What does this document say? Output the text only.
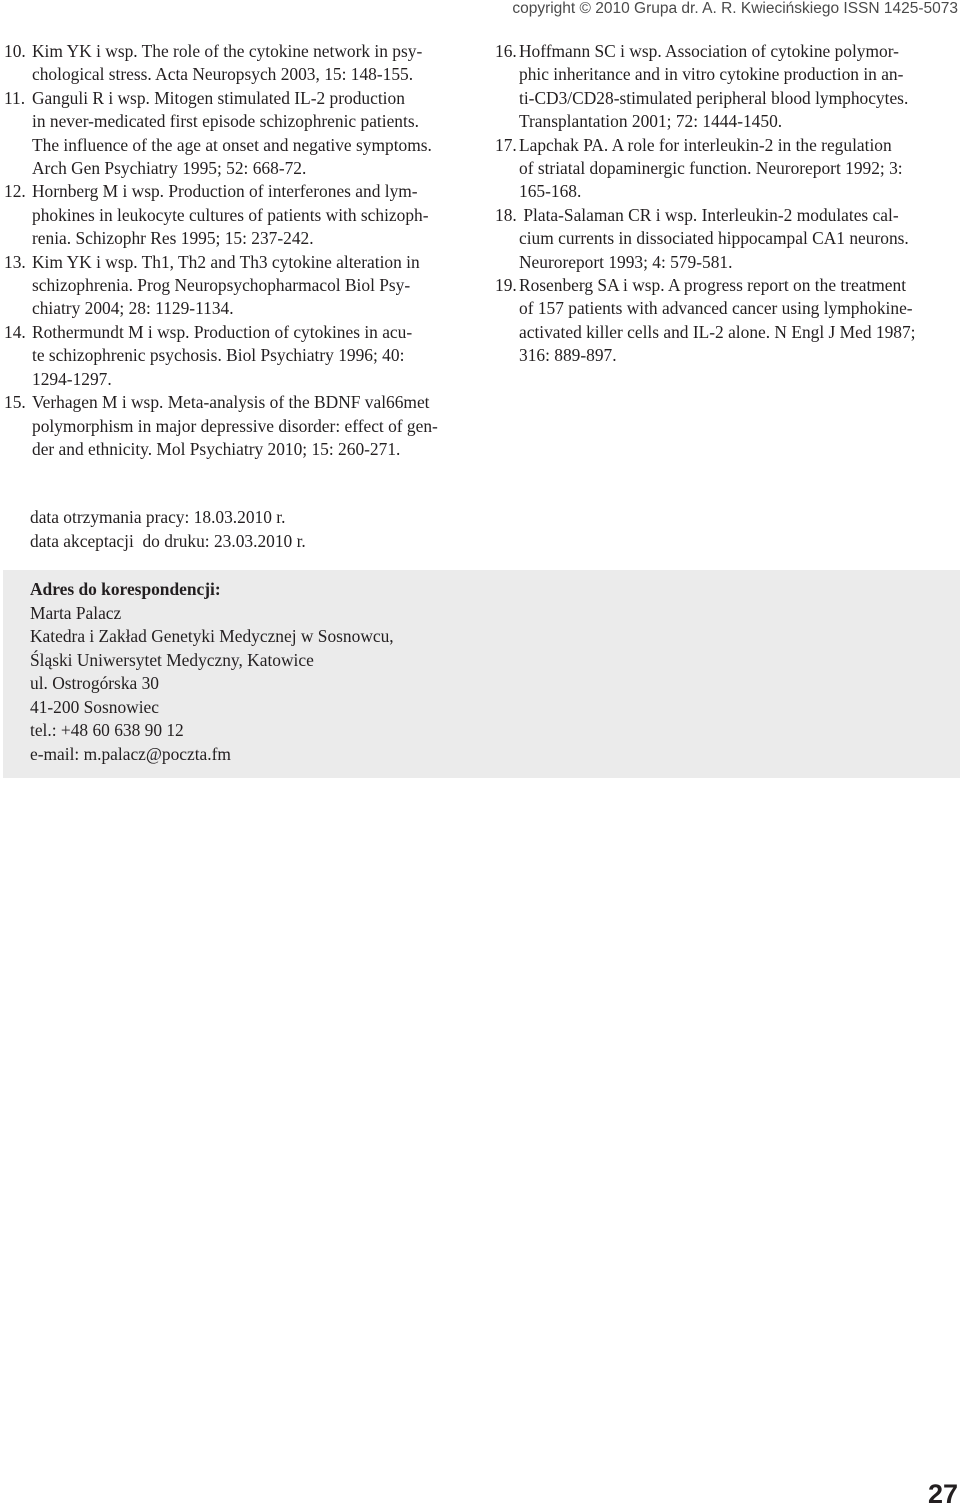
copyright © 2010 Grupa dr. A. R. Kwiecińskiego ISSN 1425-5073
10. Kim YK i wsp. The role of the cytokine network in psy-
chological stress. Acta Neuropsych 2003, 15: 148-155.
11. Ganguli R i wsp. Mitogen stimulated IL-2 production
in never-medicated first episode schizophrenic patients.
The influence of the age at onset and negative symptoms.
Arch Gen Psychiatry 1995; 52: 668-72.
12. Hornberg M i wsp. Production of interferones and lym-
phokines in leukocyte cultures of patients with schizoph-
renia. Schizophr Res 1995; 15: 237-242.
13. Kim YK i wsp. Th1, Th2 and Th3 cytokine alteration in
schizophrenia. Prog Neuropsychopharmacol Biol Psy-
chiatry 2004; 28: 1129-1134.
14. Rothermundt M i wsp. Production of cytokines in acu-
te schizophrenic psychosis. Biol Psychiatry 1996; 40:
1294-1297.
15. Verhagen M i wsp. Meta-analysis of the BDNF val66met
polymorphism in major depressive disorder: effect of gen-
der and ethnicity. Mol Psychiatry 2010; 15: 260-271.
16. Hoffmann SC i wsp. Association of cytokine polymor-
phic inheritance and in vitro cytokine production in an-
ti-CD3/CD28-stimulated peripheral blood lymphocytes.
Transplantation 2001; 72: 1444-1450.
17. Lapchak PA. A role for interleukin-2 in the regulation
of striatal dopaminergic function. Neuroreport 1992; 3:
165-168.
18. Plata-Salaman CR i wsp. Interleukin-2 modulates cal-
cium currents in dissociated hippocampal CA1 neurons.
Neuroreport 1993; 4: 579-581.
19. Rosenberg SA i wsp. A progress report on the treatment
of 157 patients with advanced cancer using lymphokine-
activated killer cells and IL-2 alone. N Engl J Med 1987;
316: 889-897.
data otrzymania pracy: 18.03.2010 r.
data akceptacji  do druku: 23.03.2010 r.
Adres do korespondencji:
Marta Palacz
Katedra i Zakład Genetyki Medycznej w Sosnowcu,
Śląski Uniwersytet Medyczny, Katowice
ul. Ostrogórska 30
41-200 Sosnowiec
tel.: +48 60 638 90 12
e-mail: m.palacz@poczta.fm
27
